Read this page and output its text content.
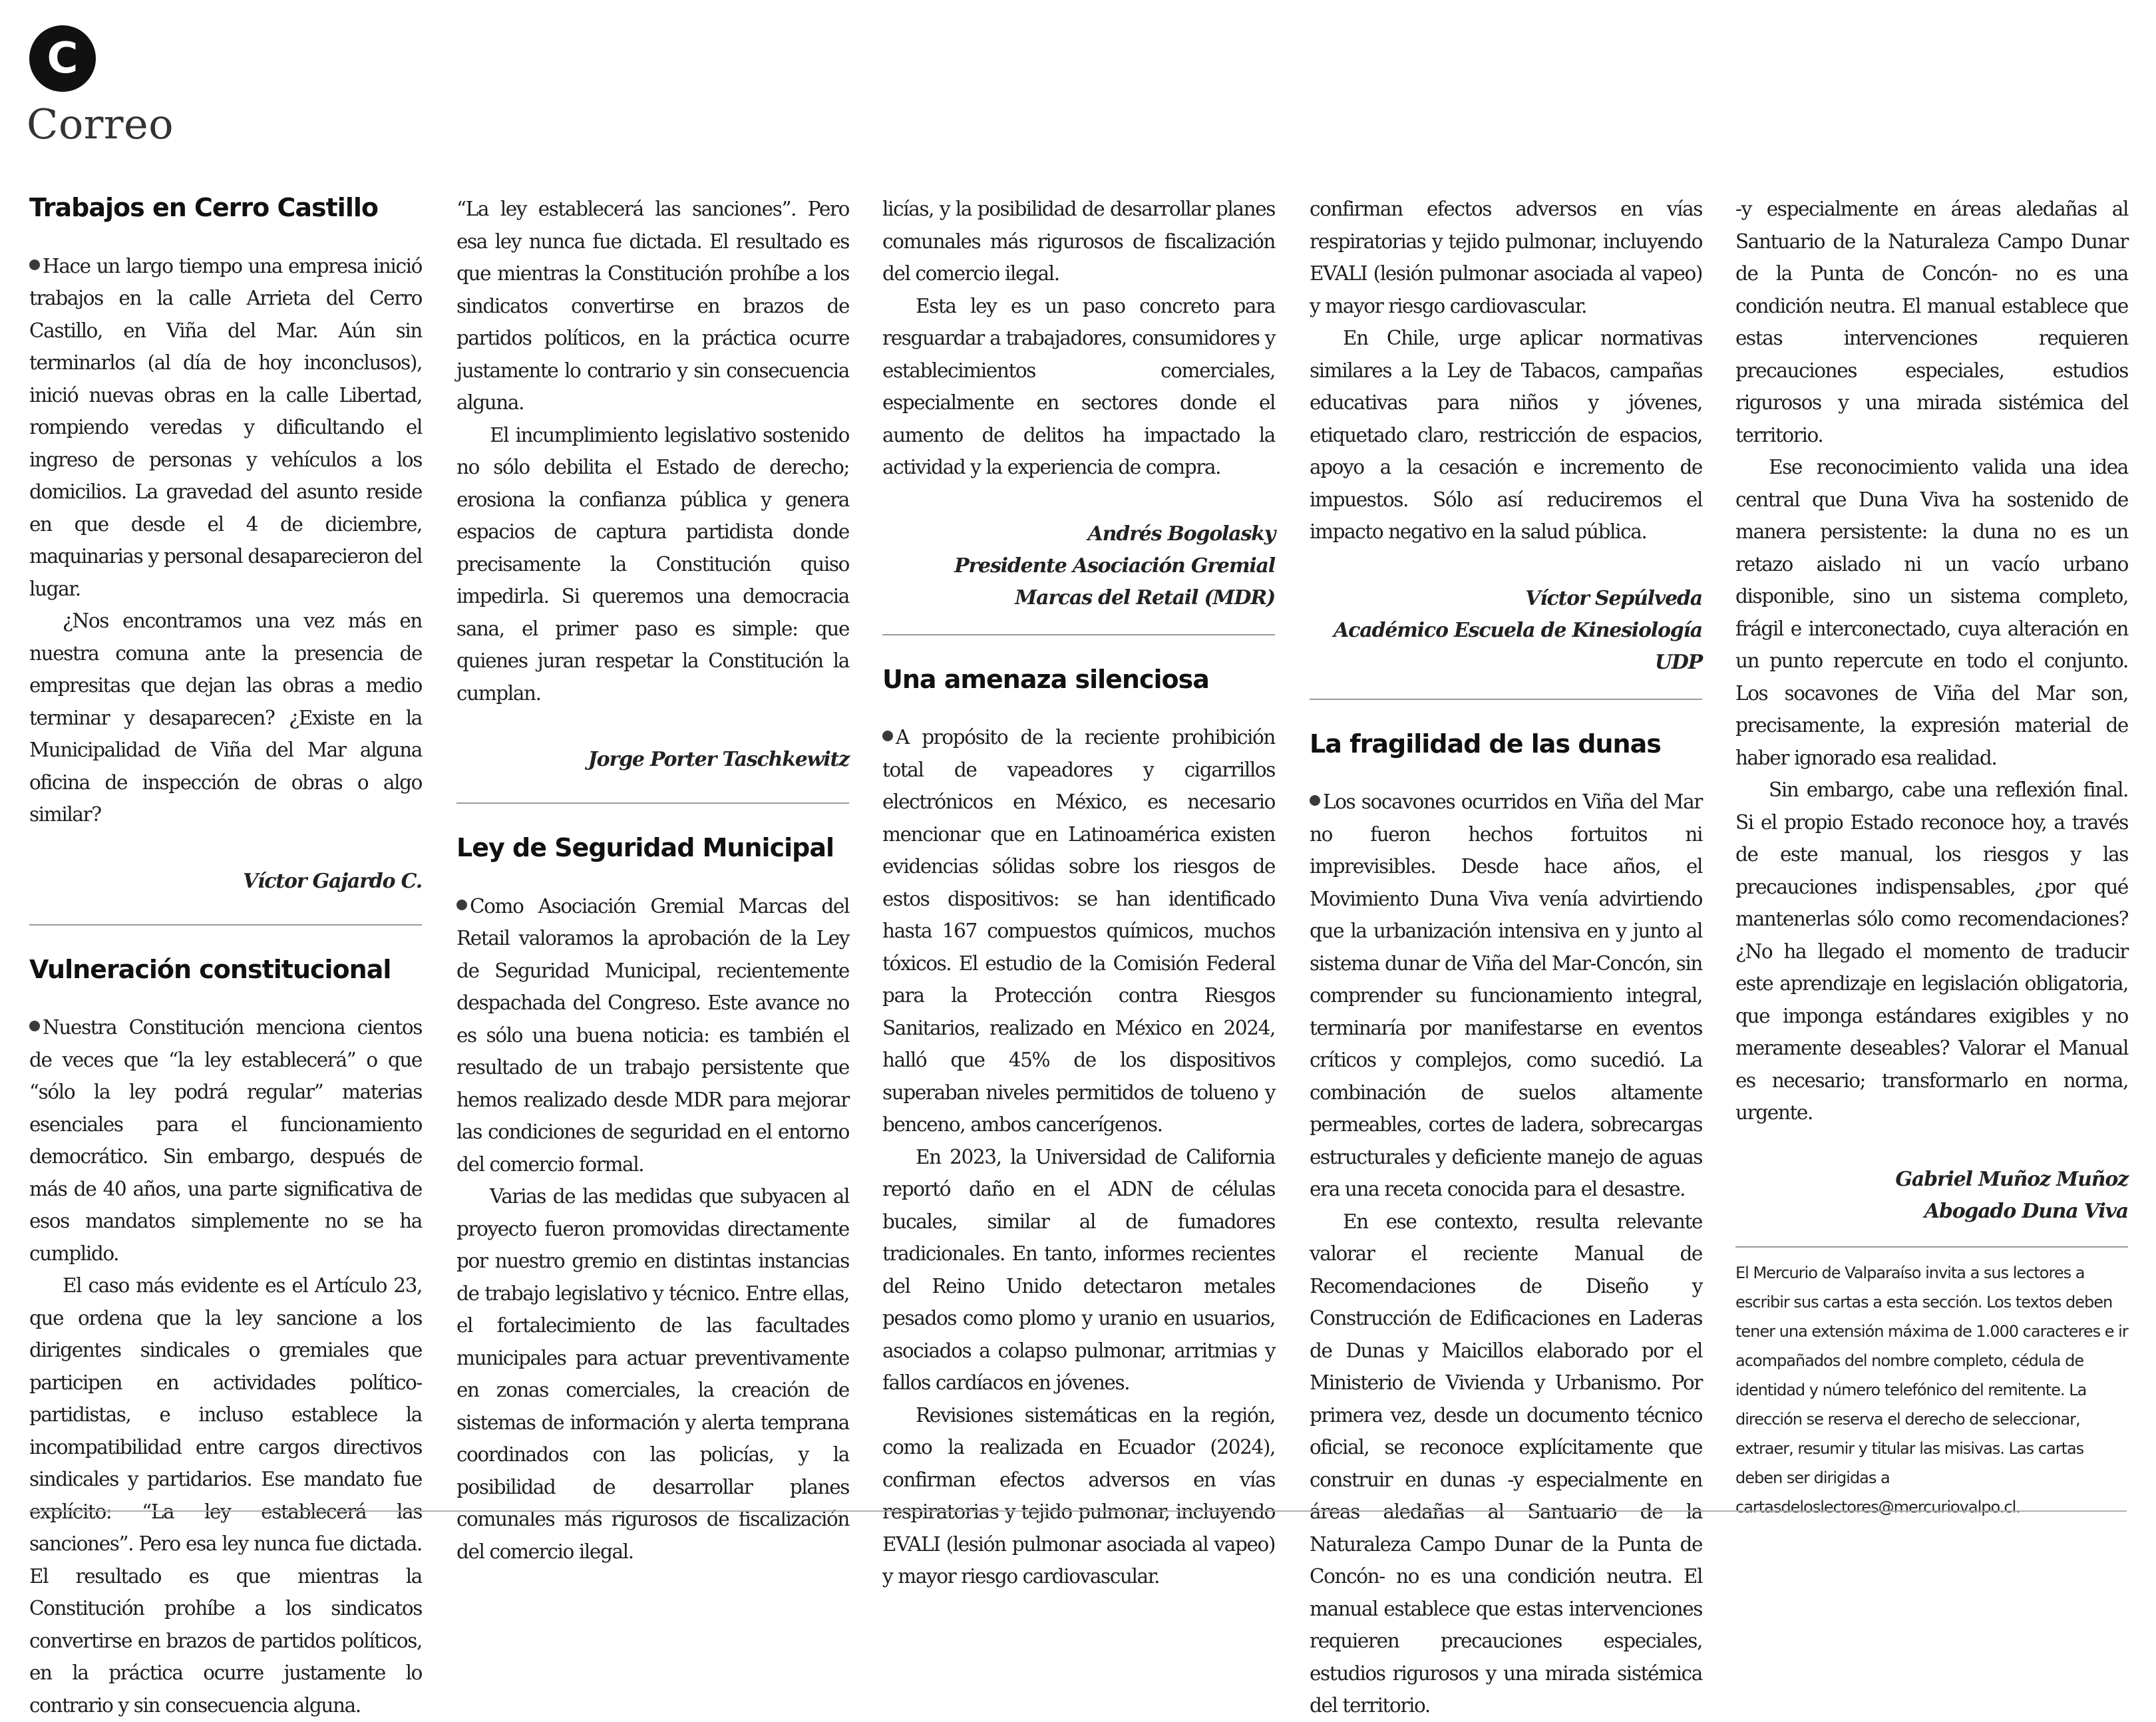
C
Correo
Trabajos en Cerro Castillo

Hace un largo tiempo una empresa inició trabajos en la calle Arrieta del Cerro Castillo, en Viña del Mar. Aún sin terminarlos (al día de hoy inconclusos), inició nuevas obras en la calle Libertad, rompiendo veredas y dificultando el ingreso de personas y vehículos a los domicilios. La gravedad del asunto reside en que desde el 4 de diciembre, maquinarias y personal desaparecieron del lugar.

¿Nos encontramos una vez más en nuestra comuna ante la presencia de empresitas que dejan las obras a medio terminar y desaparecen? ¿Existe en la Municipalidad de Viña del Mar alguna oficina de inspección de obras o algo similar?

Víctor Gajardo C.

Vulneración constitucional

Nuestra Constitución menciona cientos de veces que “la ley establecerá” o que “sólo la ley podrá regular” materias esenciales para el funcionamiento democrático. Sin embargo, después de más de 40 años, una parte significativa de esos mandatos simplemente no se ha cumplido.

El caso más evidente es el Artículo 23, que ordena que la ley sancione a los dirigentes sindicales o gremiales que participen en actividades político-partidistas, e incluso establece la incompatibilidad entre cargos directivos sindicales y partidarios. Ese mandato fue explícito: “La ley establecerá las sanciones”. Pero esa ley nunca fue dictada. El resultado es que mientras la Constitución prohíbe a los sindicatos convertirse en brazos de partidos políticos, en la práctica ocurre justamente lo contrario y sin consecuencia alguna.

“La ley establecerá las sanciones”. Pero esa ley nunca fue dictada. El resultado es que mientras la Constitución prohíbe a los sindicatos convertirse en brazos de partidos políticos, en la práctica ocurre justamente lo contrario y sin consecuencia alguna.

El incumplimiento legislativo sostenido no sólo debilita el Estado de derecho; erosiona la confianza pública y genera espacios de captura partidista donde precisamente la Constitución quiso impedirla. Si queremos una democracia sana, el primer paso es simple: que quienes juran respetar la Constitución la cumplan.

Jorge Porter Taschkewitz

Ley de Seguridad Municipal

Como Asociación Gremial Marcas del Retail valoramos la aprobación de la Ley de Seguridad Municipal, recientemente despachada del Congreso. Este avance no es sólo una buena noticia: es también el resultado de un trabajo persistente que hemos realizado desde MDR para mejorar las condiciones de seguridad en el entorno del comercio formal.

Varias de las medidas que subyacen al proyecto fueron promovidas directamente por nuestro gremio en distintas instancias de trabajo legislativo y técnico. Entre ellas, el fortalecimiento de las facultades municipales para actuar preventivamente en zonas comerciales, la creación de sistemas de información y alerta temprana coordinados con las policías, y la posibilidad de desarrollar planes comunales más rigurosos de fiscalización del comercio ilegal.

licías, y la posibilidad de desarrollar planes comunales más rigurosos de fiscalización del comercio ilegal.

Esta ley es un paso concreto para resguardar a trabajadores, consumidores y establecimientos comerciales, especialmente en sectores donde el aumento de delitos ha impactado la actividad y la experiencia de compra.

Andrés Bogolasky

Presidente Asociación Gremial

Marcas del Retail (MDR)

Una amenaza silenciosa

A propósito de la reciente prohibición total de vapeadores y cigarrillos electrónicos en México, es necesario mencionar que en Latinoamérica existen evidencias sólidas sobre los riesgos de estos dispositivos: se han identificado hasta 167 compuestos químicos, muchos tóxicos. El estudio de la Comisión Federal para la Protección contra Riesgos Sanitarios, realizado en México en 2024, halló que 45% de los dispositivos superaban niveles permitidos de tolueno y benceno, ambos cancerígenos.

En 2023, la Universidad de California reportó daño en el ADN de células bucales, similar al de fumadores tradicionales. En tanto, informes recientes del Reino Unido detectaron metales pesados como plomo y uranio en usuarios, asociados a colapso pulmonar, arritmias y fallos cardíacos en jóvenes.

Revisiones sistemáticas en la región, como la realizada en Ecuador (2024), confirman efectos adversos en vías respiratorias y tejido pulmonar, incluyendo EVALI (lesión pulmonar asociada al vapeo) y mayor riesgo cardiovascular.

confirman efectos adversos en vías respiratorias y tejido pulmonar, incluyendo EVALI (lesión pulmonar asociada al vapeo) y mayor riesgo cardiovascular.

En Chile, urge aplicar normativas similares a la Ley de Tabacos, campañas educativas para niños y jóvenes, etiquetado claro, restricción de espacios, apoyo a la cesación e incremento de impuestos. Sólo así reduciremos el impacto negativo en la salud pública.

Víctor Sepúlveda

Académico Escuela de Kinesiología UDP

La fragilidad de las dunas

Los socavones ocurridos en Viña del Mar no fueron hechos fortuitos ni imprevisibles. Desde hace años, el Movimiento Duna Viva venía advirtiendo que la urbanización intensiva en y junto al sistema dunar de Viña del Mar-Concón, sin comprender su funcionamiento integral, terminaría por manifestarse en eventos críticos y complejos, como sucedió. La combinación de suelos altamente permeables, cortes de ladera, sobrecargas estructurales y deficiente manejo de aguas era una receta conocida para el desastre.

En ese contexto, resulta relevante valorar el reciente Manual de Recomendaciones de Diseño y Construcción de Edificaciones en Laderas de Dunas y Maicillos elaborado por el Ministerio de Vivienda y Urbanismo. Por primera vez, desde un documento técnico oficial, se reconoce explícitamente que construir en dunas -y especialmente en áreas aledañas al Santuario de la Naturaleza Campo Dunar de la Punta de Concón- no es una condición neutra. El manual establece que estas intervenciones requieren precauciones especiales, estudios rigurosos y una mirada sistémica del territorio.

-y especialmente en áreas aledañas al Santuario de la Naturaleza Campo Dunar de la Punta de Concón- no es una condición neutra. El manual establece que estas intervenciones requieren precauciones especiales, estudios rigurosos y una mirada sistémica del territorio.

Ese reconocimiento valida una idea central que Duna Viva ha sostenido de manera persistente: la duna no es un retazo aislado ni un vacío urbano disponible, sino un sistema completo, frágil e interconectado, cuya alteración en un punto repercute en todo el conjunto. Los socavones de Viña del Mar son, precisamente, la expresión material de haber ignorado esa realidad.

Sin embargo, cabe una reflexión final. Si el propio Estado reconoce hoy, a través de este manual, los riesgos y las precauciones indispensables, ¿por qué mantenerlas sólo como recomendaciones? ¿No ha llegado el momento de traducir este aprendizaje en legislación obligatoria, que imponga estándares exigibles y no meramente deseables? Valorar el Manual es necesario; transformarlo en norma, urgente.

Gabriel Muñoz Muñoz

Abogado Duna Viva

El Mercurio de Valparaíso invita a sus lectores a escribir sus cartas a esta sección. Los textos deben tener una extensión máxima de 1.000 caracteres e ir acompañados del nombre completo, cédula de identidad y número telefónico del remitente. La dirección se reserva el derecho de seleccionar, extraer, resumir y titular las misivas. Las cartas deben ser dirigidas a cartasdeloslectores@mercuriovalpo.cl.
